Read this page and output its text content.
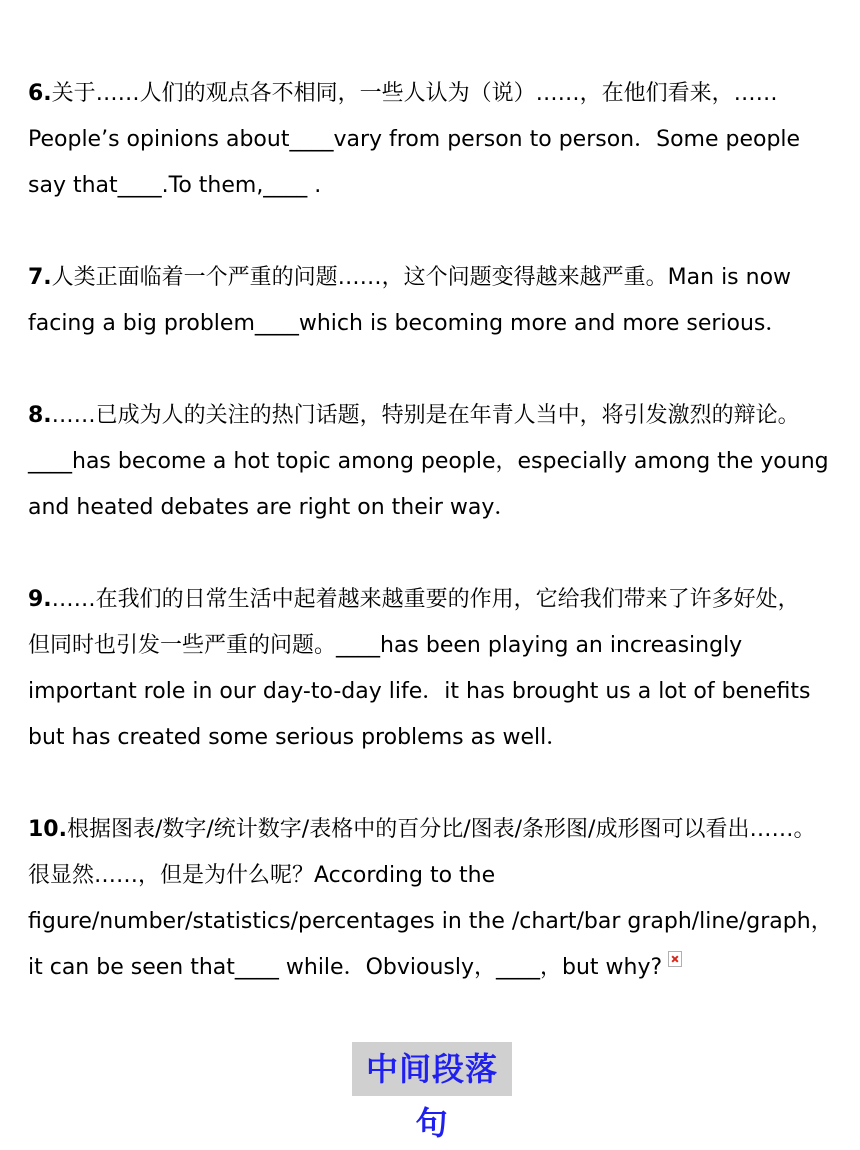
6.关于……人们的观点各不相同，一些人认为（说）……，在他们看来，……
People’s opinions about____vary from person to person．Some people
say that____.To them,____ .
7.人类正面临着一个严重的问题……，这个问题变得越来越严重。Man is now
facing a big problem____which is becoming more and more serious．
8.……已成为人的关注的热门话题，特别是在年青人当中，将引发激烈的辩论。
____has become a hot topic among people，especially among the young
and heated debates are right on their way．
9.……在我们的日常生活中起着越来越重要的作用，它给我们带来了许多好处，
但同时也引发一些严重的问题。____has been playing an increasingly
important role in our day-to-day life．it has brought us a lot of benefits
but has created some serious problems as well．
10.根据图表/数字/统计数字/表格中的百分比/图表/条形图/成形图可以看出……。
很显然……，但是为什么呢？According to the
figure/number/statistics/percentages in the /chart/bar graph/line/graph，
it can be seen that____ while．Obviously，____，but why?
中间段落句
